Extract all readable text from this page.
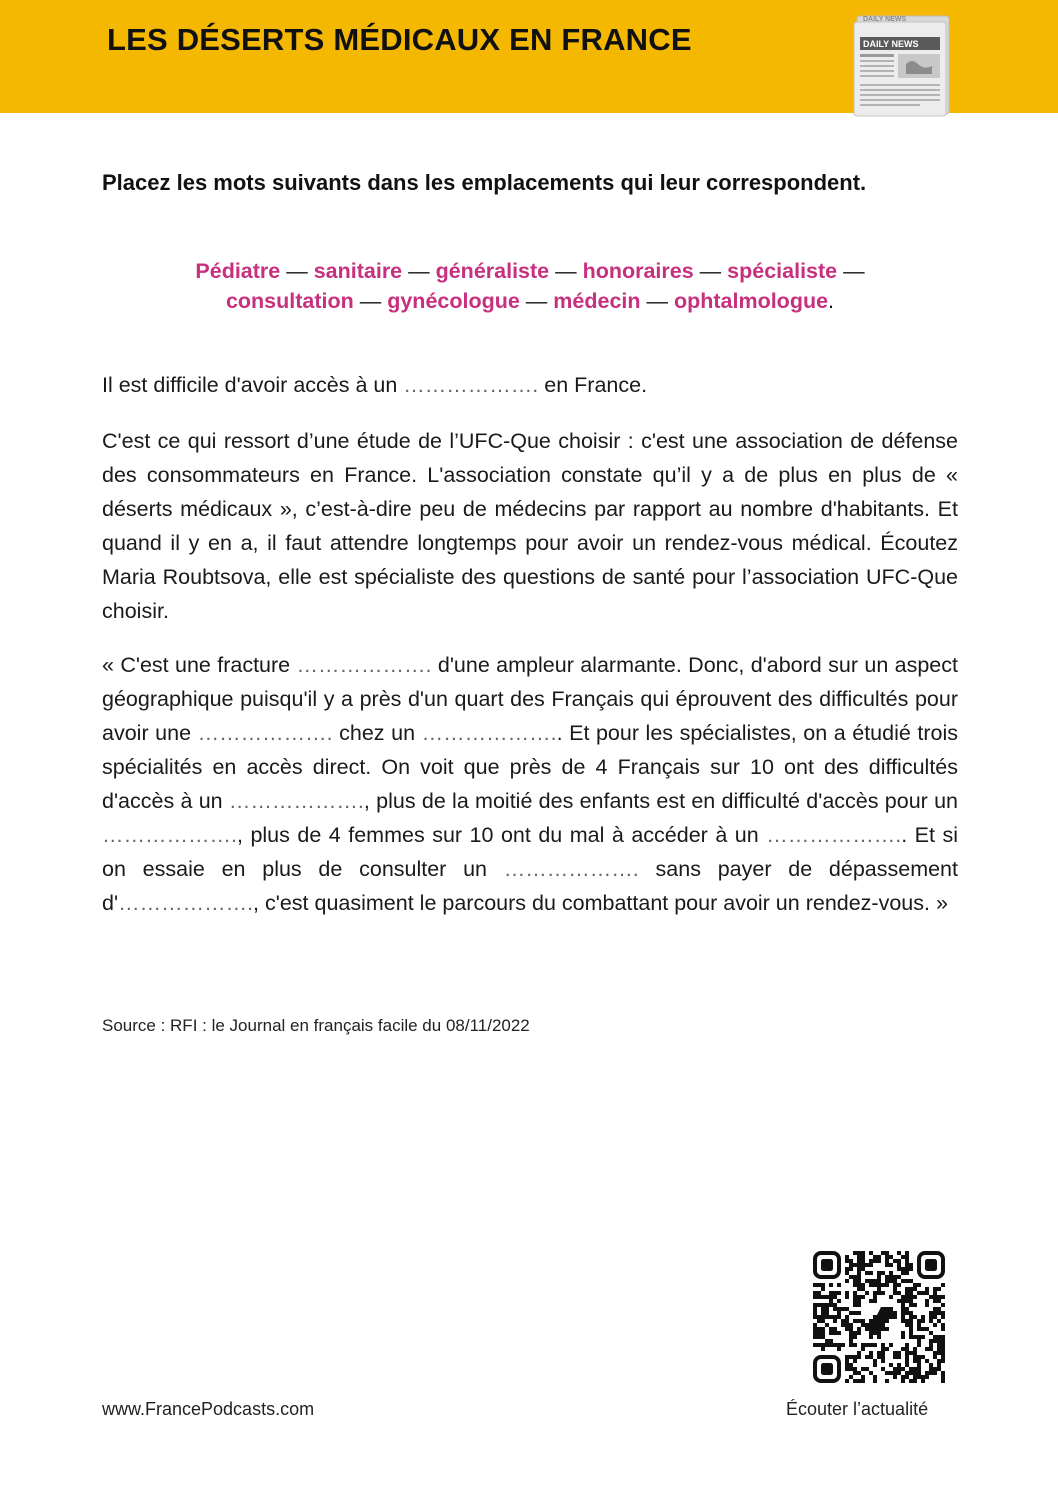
LES DÉSERTS MÉDICAUX EN FRANCE
DAILY NEWS
DAILY NEWS
Placez les mots suivants dans les emplacements qui leur correspondent.
Pédiatre — sanitaire — généraliste — honoraires — spécialiste —
consultation — gynécologue — médecin — ophtalmologue.
Il est difficile d'avoir accès à un ………………. en France.
C'est ce qui ressort d’une étude de l’UFC-Que choisir : c'est une association de défense des consommateurs en France. L'association constate qu’il y a de plus en plus de « déserts médicaux », c’est-à-dire peu de médecins par rapport au nombre d'habitants. Et quand il y en a, il faut attendre longtemps pour avoir un rendez-vous médical. Écoutez Maria Roubtsova, elle est spécialiste des questions de santé pour l’association UFC-Que choisir.
« C'est une fracture ………………. d'une ampleur alarmante. Donc, d'abord sur un aspect géographique puisqu'il y a près d'un quart des Français qui éprouvent des difficultés pour avoir une ………………. chez un ……………….. Et pour les spécialistes, on a étudié trois spécialités en accès direct. On voit que près de 4 Français sur 10 ont des difficultés d'accès à un ………………., plus de la moitié des enfants est en difficulté d'accès pour un ………………., plus de 4 femmes sur 10 ont du mal à accéder à un ……………….. Et si on essaie en plus de consulter un ………………. sans payer de dépassement d'………………., c'est quasiment le parcours du combattant pour avoir un rendez-vous. »
Source : RFI : le Journal en français facile du 08/11/2022
www.FrancePodcasts.com	Écouter l’actualité
